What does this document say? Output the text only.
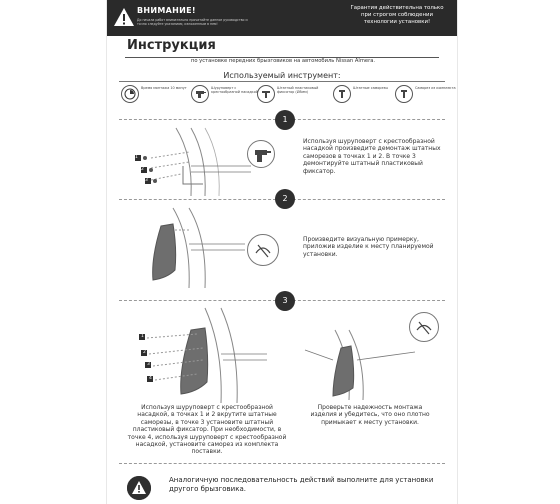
ВНИМАНИЕ!
До начала работ внимательно прочитайте данное руководство и точно следуйте указаниям, изложенным в нем!
Гарантия действительна только при строгом соблюдении технологии установки!
Инструкция
по установке передних брызговиков на автомобиль Nissan Almera.
Используемый инструмент:
Время монтажа 10 минут	Шуруповерт с крестообразной насадкой
Штатный пластиковый фиксатор (Ø8мм)
Штатные саморезы	Саморез из комплекта
1
1
2
3
Используя шуруповерт с крестообразной насадкой произведите демонтаж штатных саморезов в точках 1 и 2. В точке 3 демонтируйте штатный пластиковый фиксатор.
2
Произведите визуальную примерку, приложив изделие к месту планируемой установки.
3
1
2
3
4
Используя шуруповерт с крестообразной насадкой, в точках 1 и 2 вкрутите штатные саморезы, в точке 3 установите штатный пластиковый фиксатор. При необходимости, в точке 4, используя шуруповерт с крестообразной насадкой, установите саморез из комплекта поставки.
Проверьте надежность монтажа изделия и убедитесь, что оно плотно примыкает к месту установки.
Аналогичную последовательность действий выполните для установки другого брызговика.
